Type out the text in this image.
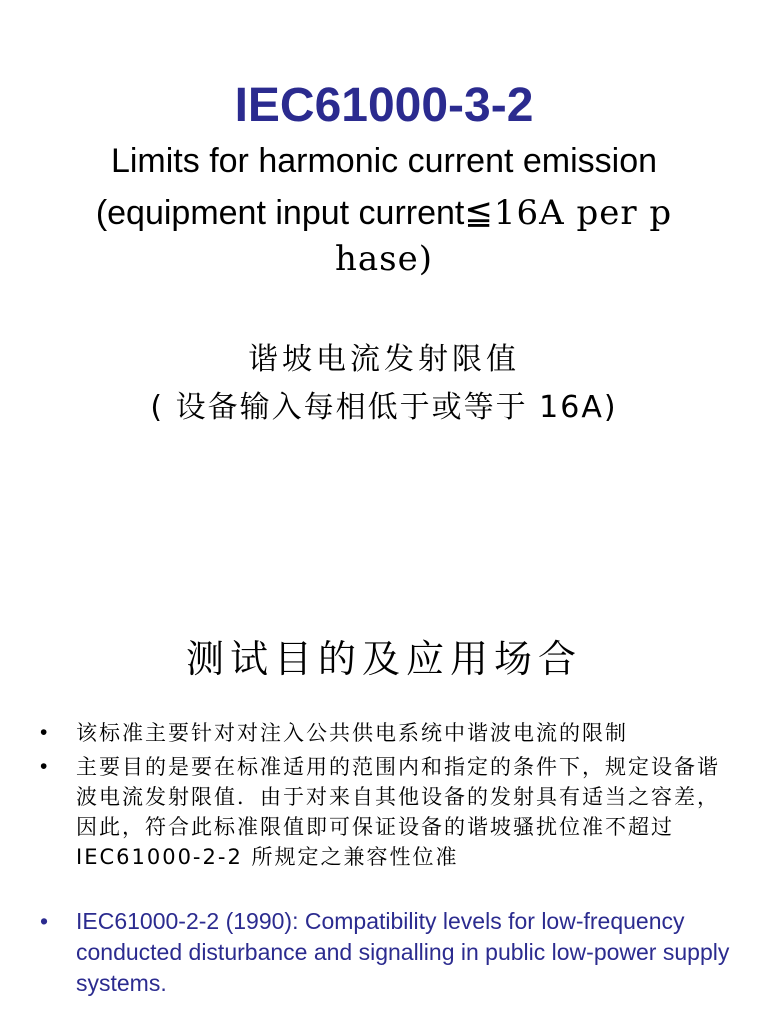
IEC61000-3-2
Limits for harmonic current emission
(equipment input current≦16A per p
hase)
谐坡电流发射限值
( 设备输入每相低于或等于 16A)
测试目的及应用场合
• 该标准主要针对对注入公共供电系统中谐波电流的限制
• 主要目的是要在标准适用的范围内和指定的条件下，规定设备谐波电流发射限值．由于对来自其他设备的发射具有适当之容差，因此，符合此标准限值即可保证设备的谐坡骚扰位准不超过 IEC61000-2-2 所规定之兼容性位准
• IEC61000-2-2 (1990): Compatibility levels for low-frequency conducted disturbance and signalling in public low-power supply systems.
